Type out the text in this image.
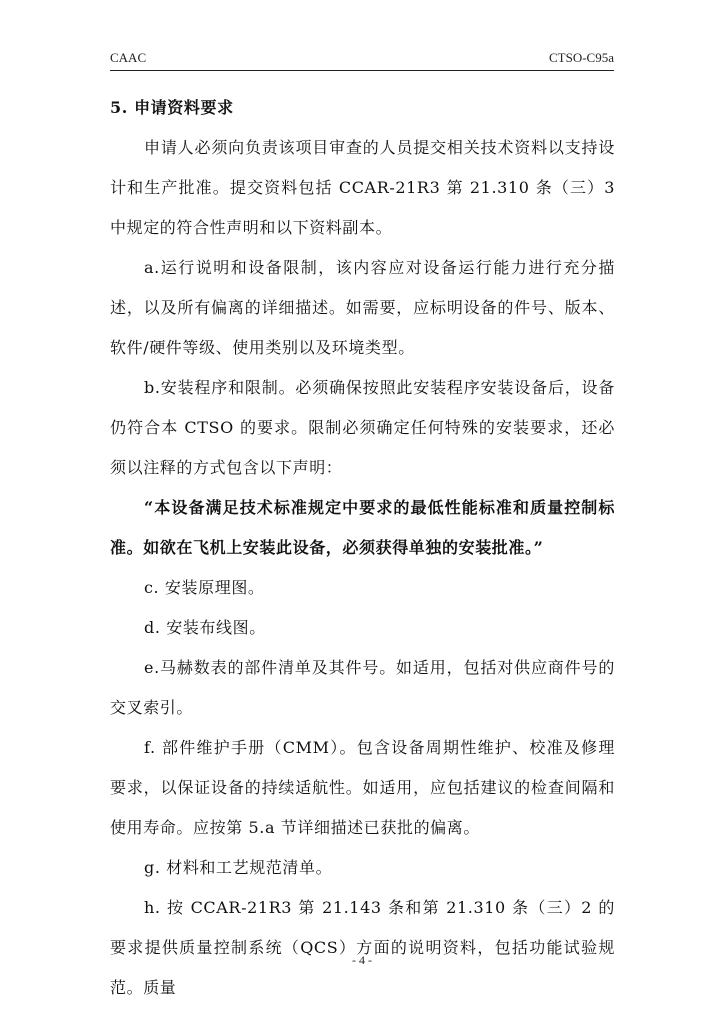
CAAC	CTSO-C95a

5. 申请资料要求

申请人必须向负责该项目审查的人员提交相关技术资料以支持设计和生产批准。提交资料包括 CCAR-21R3 第 21.310 条（三）3 中规定的符合性声明和以下资料副本。

a.运行说明和设备限制，该内容应对设备运行能力进行充分描述，以及所有偏离的详细描述。如需要，应标明设备的件号、版本、软件/硬件等级、使用类别以及环境类型。

b.安装程序和限制。必须确保按照此安装程序安装设备后，设备仍符合本 CTSO 的要求。限制必须确定任何特殊的安装要求，还必须以注释的方式包含以下声明：

“本设备满足技术标准规定中要求的最低性能标准和质量控制标准。如欲在飞机上安装此设备，必须获得单独的安装批准。”

c. 安装原理图。

d. 安装布线图。

e.马赫数表的部件清单及其件号。如适用，包括对供应商件号的交叉索引。

f. 部件维护手册（CMM）。包含设备周期性维护、校准及修理要求，以保证设备的持续适航性。如适用，应包括建议的检查间隔和使用寿命。应按第 5.a 节详细描述已获批的偏离。

g. 材料和工艺规范清单。

h. 按 CCAR-21R3 第 21.143 条和第 21.310 条（三）2 的要求提供质量控制系统（QCS）方面的说明资料，包括功能试验规范。质量

- 4 -
